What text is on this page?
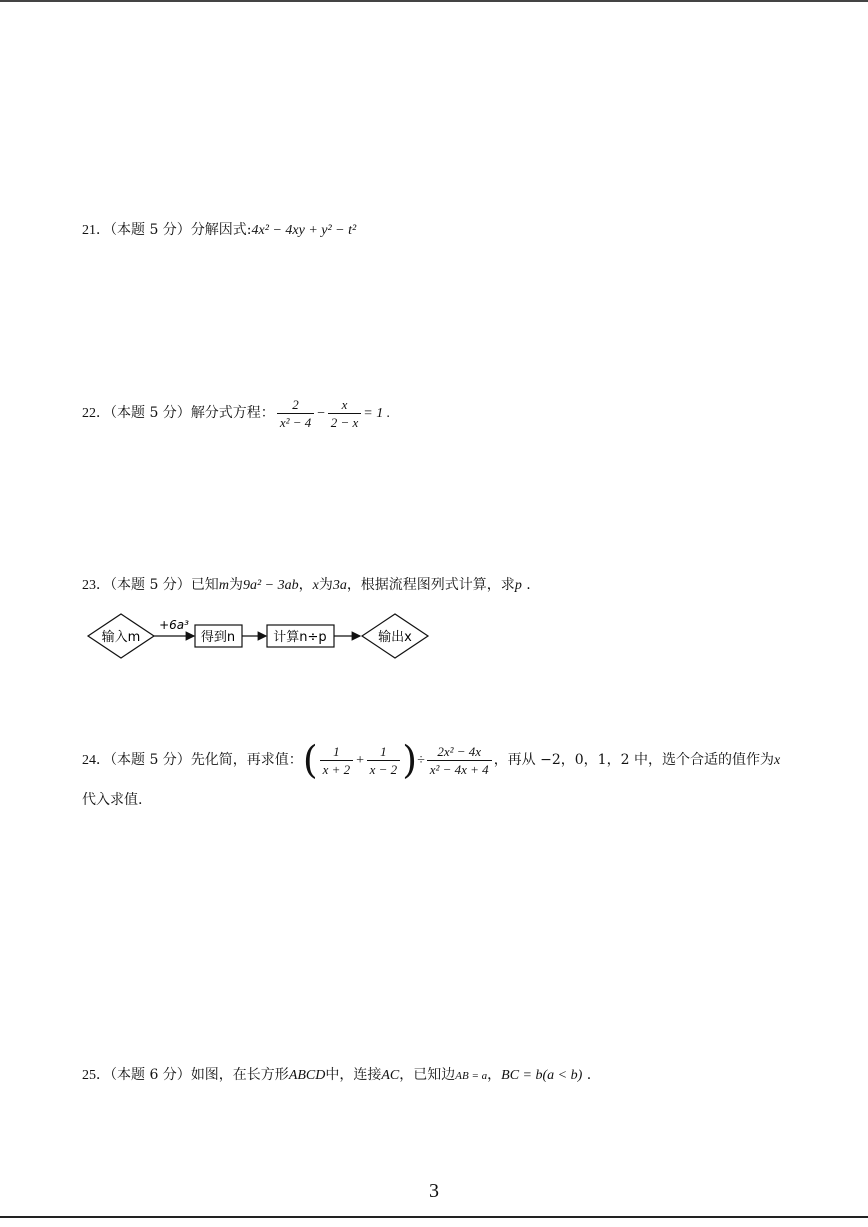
21．（本题 5 分）分解因式:4x² − 4xy + y² − t²
22．（本题 5 分）解分式方程： $\frac{2}{\text{x² − 4}} - \frac{x}{2 - x} = 1$ .
23．（本题 5 分）已知m为9a² − 3ab，x为3a，根据流程图列式计算，求p .
输入m
+6a³
得到n	计算n÷p	输出x
24．（本题 5 分）先化简，再求值：( $\frac{1}{x + 2} + \frac{1}{x - 2}$ )÷ $\frac{\text{2x² − 4x}}{\text{x² − 4x + 4}}$ ，再从 −2，0，1，2 中，选个合适的值作为x
代入求值.
25．（本题 6 分）如图，在长方形ABCD中，连接AC，已知边AB = a，BC = b(a < b) .
3
